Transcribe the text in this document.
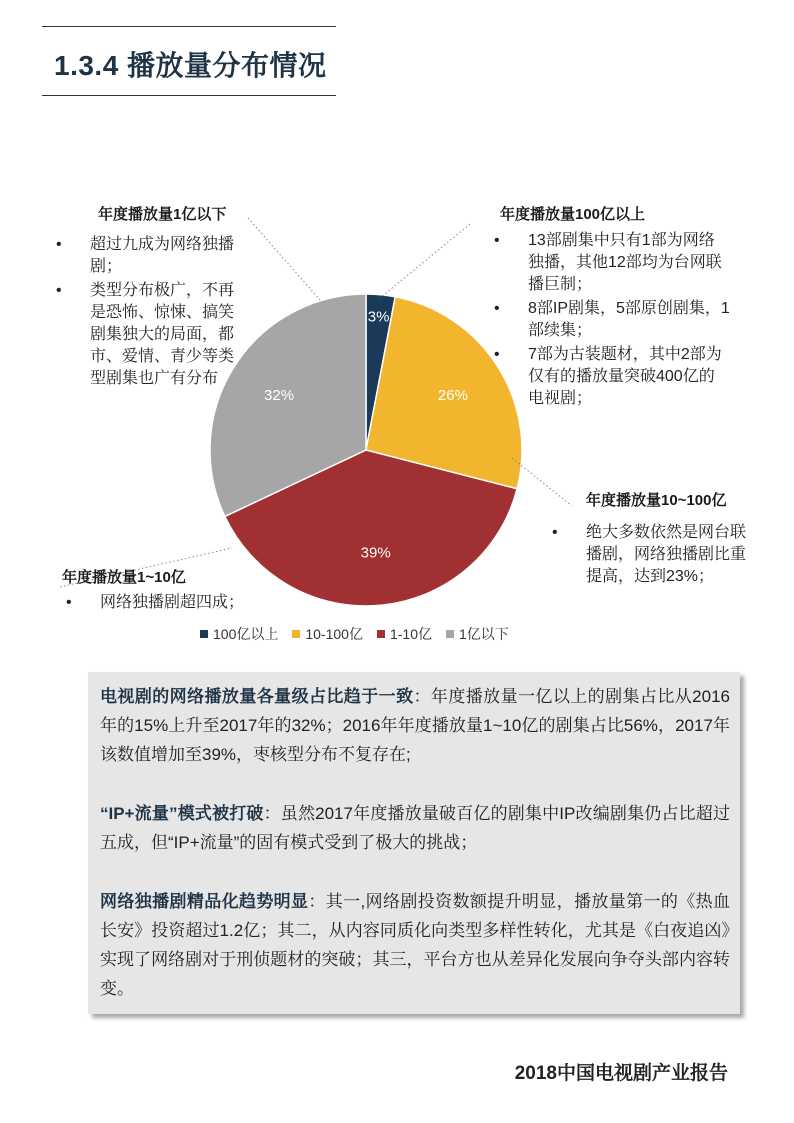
1.3.4 播放量分布情况
3%
26%
39%
32%
年度播放量1亿以下
• 超过九成为网络独播剧；
• 类型分布极广，不再是恐怖、惊悚、搞笑剧集独大的局面，都市、爱情、青少等类型剧集也广有分布
年度播放量100亿以上
• 13部剧集中只有1部为网络独播，其他12部均为台网联播巨制；
• 8部IP剧集，5部原创剧集，1部续集；
• 7部为古装题材，其中2部为仅有的播放量突破400亿的电视剧；
年度播放量10~100亿
• 绝大多数依然是网台联播剧，网络独播剧比重提高，达到23%；
年度播放量1~10亿
• 网络独播剧超四成；
100亿以上 10-100亿 1-10亿 1亿以下

电视剧的网络播放量各量级占比趋于一致：年度播放量一亿以上的剧集占比从2016年的15%上升至2017年的32%；2016年年度播放量1~10亿的剧集占比56%，2017年该数值增加至39%，枣核型分布不复存在;

“IP+流量”模式被打破：虽然2017年度播放量破百亿的剧集中IP改编剧集仍占比超过五成，但“IP+流量”的固有模式受到了极大的挑战；

网络独播剧精品化趋势明显：其一,网络剧投资数额提升明显，播放量第一的《热血长安》投资超过1.2亿；其二，从内容同质化向类型多样性转化，尤其是《白夜追凶》实现了网络剧对于刑侦题材的突破；其三，平台方也从差异化发展向争夺头部内容转变。

2018中国电视剧产业报告
